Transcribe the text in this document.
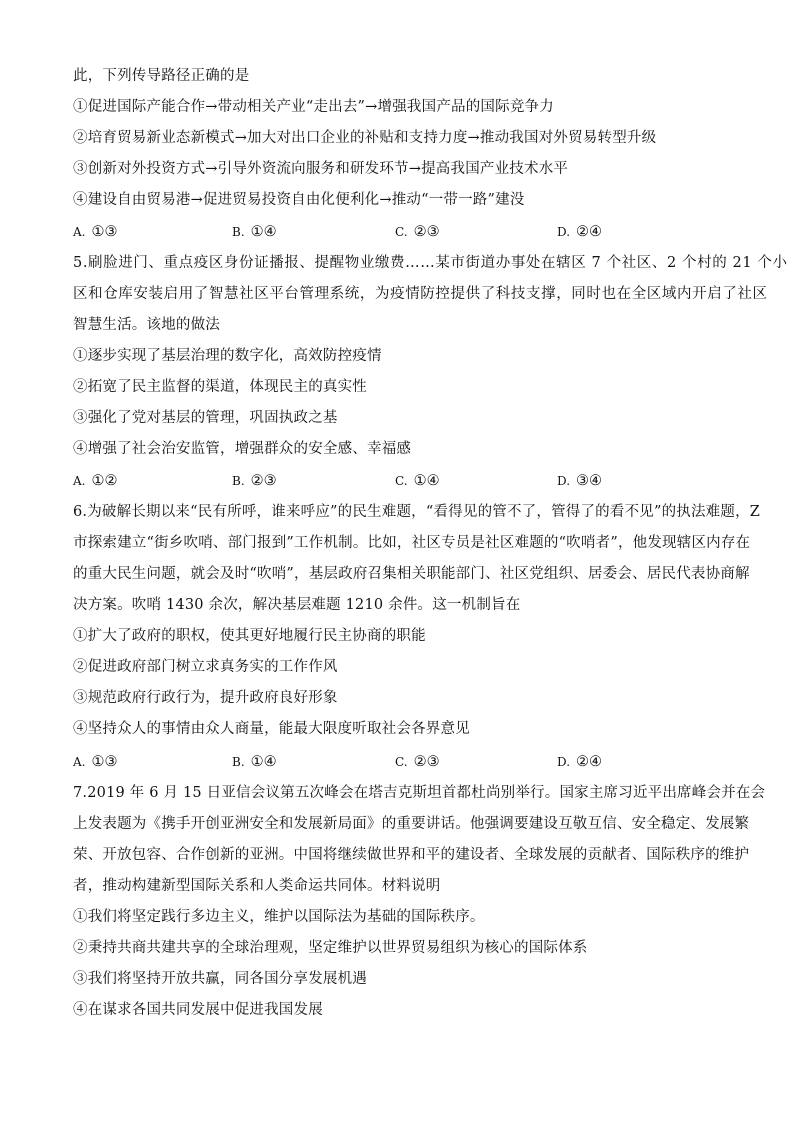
此，下列传导路径正确的是
①促进国际产能合作→带动相关产业“走出去”→增强我国产品的国际竞争力
②培育贸易新业态新模式→加大对出口企业的补贴和支持力度→推动我国对外贸易转型升级
③创新对外投资方式→引导外资流向服务和研发环节→提高我国产业技术水平
④建设自由贸易港→促进贸易投资自由化便利化→推动“一带一路”建没
A. ①③	B. ①④	C. ②③	D. ②④
5.刷脸进门、重点疫区身份证播报、提醒物业缴费……某市街道办事处在辖区 7 个社区、2 个村的 21 个小
区和仓库安装启用了智慧社区平台管理系统，为疫情防控提供了科技支撑，同时也在全区域内开启了社区
智慧生活。该地的做法
①逐步实现了基层治理的数字化，高效防控疫情
②拓宽了民主监督的渠道，体现民主的真实性
③强化了党对基层的管理，巩固执政之基
④增强了社会治安监管，增强群众的安全感、幸福感
A. ①②	B. ②③	C. ①④	D. ③④
6.为破解长期以来“民有所呼，谁来呼应”的民生难题，“看得见的管不了，管得了的看不见”的执法难题，Z
市探索建立“街乡吹哨、部门报到”工作机制。比如，社区专员是社区难题的“吹哨者”，他发现辖区内存在
的重大民生问题，就会及时“吹哨”，基层政府召集相关职能部门、社区党组织、居委会、居民代表协商解
决方案。吹哨 1430 余次，解决基层难题 1210 余件。这一机制旨在
①扩大了政府的职权，使其更好地履行民主协商的职能
②促进政府部门树立求真务实的工作作风
③规范政府行政行为，提升政府良好形象
④坚持众人的事情由众人商量，能最大限度听取社会各界意见
A. ①③	B. ①④	C. ②③	D. ②④
7.2019 年 6 月 15 日亚信会议第五次峰会在塔吉克斯坦首都杜尚别举行。国家主席习近平出席峰会并在会
上发表题为《携手开创亚洲安全和发展新局面》的重要讲话。他强调要建设互敬互信、安全稳定、发展繁
荣、开放包容、合作创新的亚洲。中国将继续做世界和平的建设者、全球发展的贡献者、国际秩序的维护
者，推动构建新型国际关系和人类命运共同体。材料说明
①我们将坚定践行多边主义，维护以国际法为基础的国际秩序。
②秉持共商共建共享的全球治理观，坚定维护以世界贸易组织为核心的国际体系
③我们将坚持开放共赢，同各国分享发展机遇
④在谋求各国共同发展中促进我国发展
